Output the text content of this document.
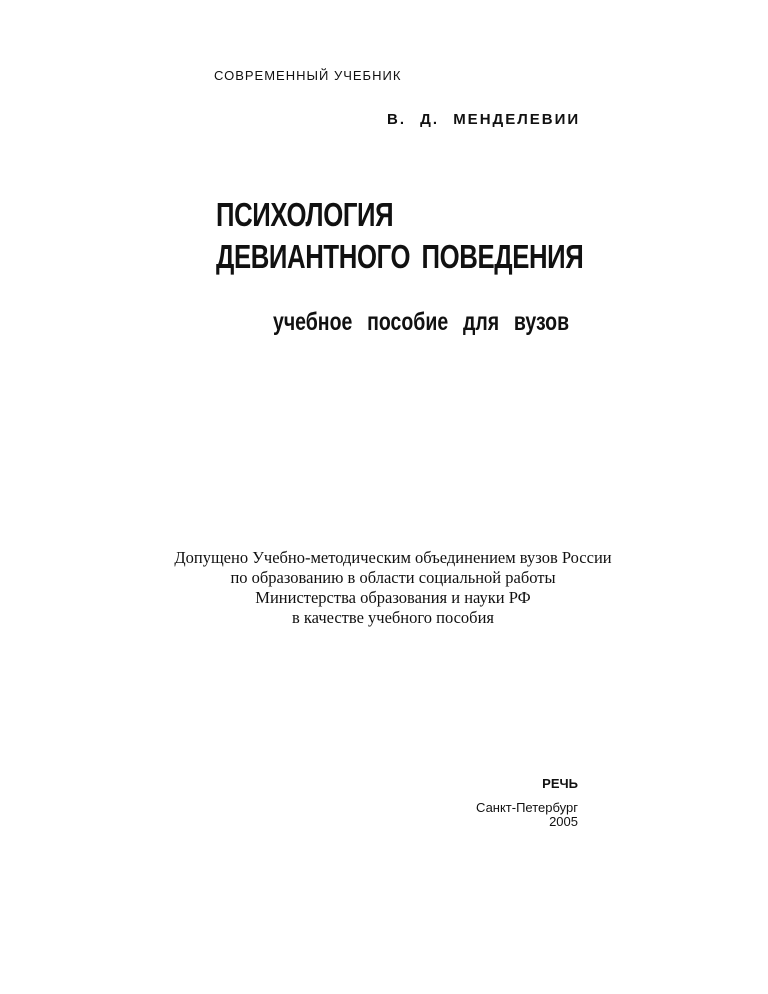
СОВРЕМЕННЫЙ УЧЕБНИК
В. Д. МЕНДЕЛЕВИИ
ПСИХОЛОГИЯ
ДЕВИАНТНОГО ПОВЕДЕНИЯ
учебное пособие для вузов
Допущено Учебно-методическим объединением вузов России
по образованию в области социальной работы
Министерства образования и науки РФ
в качестве учебного пособия
РЕЧЬ
Санкт-Петербург
2005
